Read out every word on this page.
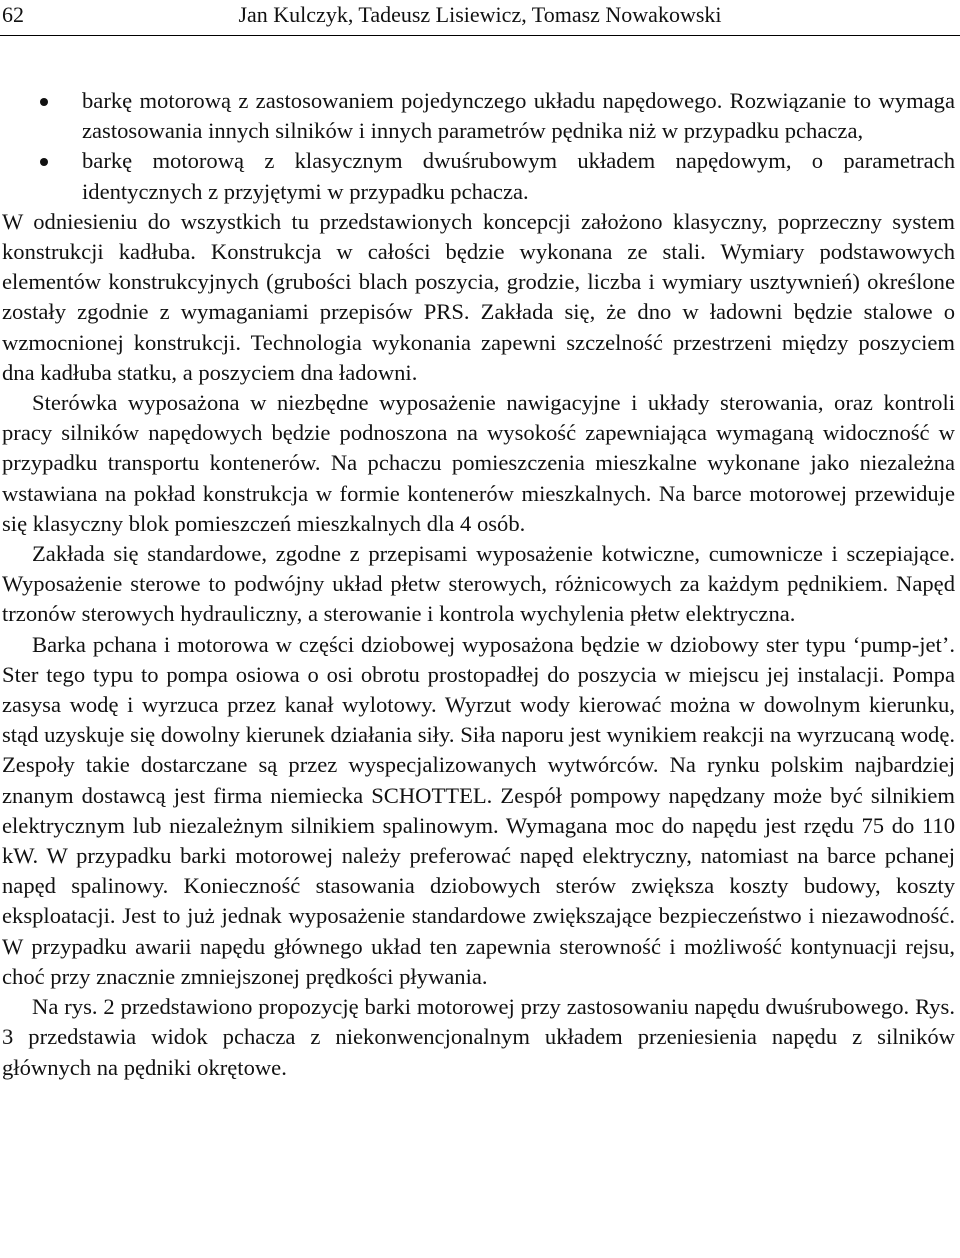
62	Jan Kulczyk, Tadeusz Lisiewicz, Tomasz Nowakowski
barkę motorową z zastosowaniem pojedynczego układu napędowego. Rozwiązanie to wymaga zastosowania innych silników i innych parametrów pędnika niż w przypadku pchacza,
barkę motorową z klasycznym dwuśrubowym układem napędowym, o parametrach identycznych z przyjętymi w przypadku pchacza.

W odniesieniu do wszystkich tu przedstawionych koncepcji założono klasyczny, poprzeczny system konstrukcji kadłuba. Konstrukcja w całości będzie wykonana ze stali. Wymiary podstawowych elementów konstrukcyjnych (grubości blach poszycia, grodzie, liczba i wymiary usztywnień) określone zostały zgodnie z wymaganiami przepisów PRS. Zakłada się, że dno w ładowni będzie stalowe o wzmocnionej konstrukcji. Technologia wykonania zapewni szczelność przestrzeni między poszyciem dna kadłuba statku, a poszyciem dna ładowni.

Sterówka wyposażona w niezbędne wyposażenie nawigacyjne i układy sterowania, oraz kontroli pracy silników napędowych będzie podnoszona na wysokość zapewniająca wymaganą widoczność w przypadku transportu kontenerów. Na pchaczu pomieszczenia mieszkalne wykonane jako niezależna wstawiana na pokład konstrukcja w formie kontenerów mieszkalnych. Na barce motorowej przewiduje się klasyczny blok pomieszczeń mieszkalnych dla 4 osób.

Zakłada się standardowe, zgodne z przepisami wyposażenie kotwiczne, cumownicze i sczepiające. Wyposażenie sterowe to podwójny układ płetw sterowych, różnicowych za każdym pędnikiem. Napęd trzonów sterowych hydrauliczny, a sterowanie i kontrola wychylenia płetw elektryczna.

Barka pchana i motorowa w części dziobowej wyposażona będzie w dziobowy ster typu ‘pump-jet’. Ster tego typu to pompa osiowa o osi obrotu prostopadłej do poszycia w miejscu jej instalacji. Pompa zasysa wodę i wyrzuca przez kanał wylotowy. Wyrzut wody kierować można w dowolnym kierunku, stąd uzyskuje się dowolny kierunek działania siły. Siła naporu jest wynikiem reakcji na wyrzucaną wodę. Zespoły takie dostarczane są przez wyspecjalizowanych wytwórców. Na rynku polskim najbardziej znanym dostawcą jest firma niemiecka SCHOTTEL. Zespół pompowy napędzany może być silnikiem elektrycznym lub niezależnym silnikiem spalinowym. Wymagana moc do napędu jest rzędu 75 do 110 kW. W przypadku barki motorowej należy preferować napęd elektryczny, natomiast na barce pchanej napęd spalinowy. Konieczność stasowania dziobowych sterów zwiększa koszty budowy, koszty eksploatacji. Jest to już jednak wyposażenie standardowe zwiększające bezpieczeństwo i niezawodność. W przypadku awarii napędu głównego układ ten zapewnia sterowność i możliwość kontynuacji rejsu, choć przy znacznie zmniejszonej prędkości pływania.

Na rys. 2 przedstawiono propozycję barki motorowej przy zastosowaniu napędu dwuśrubowego. Rys. 3 przedstawia widok pchacza z niekonwencjonalnym układem przeniesienia napędu z silników głównych na pędniki okrętowe.
